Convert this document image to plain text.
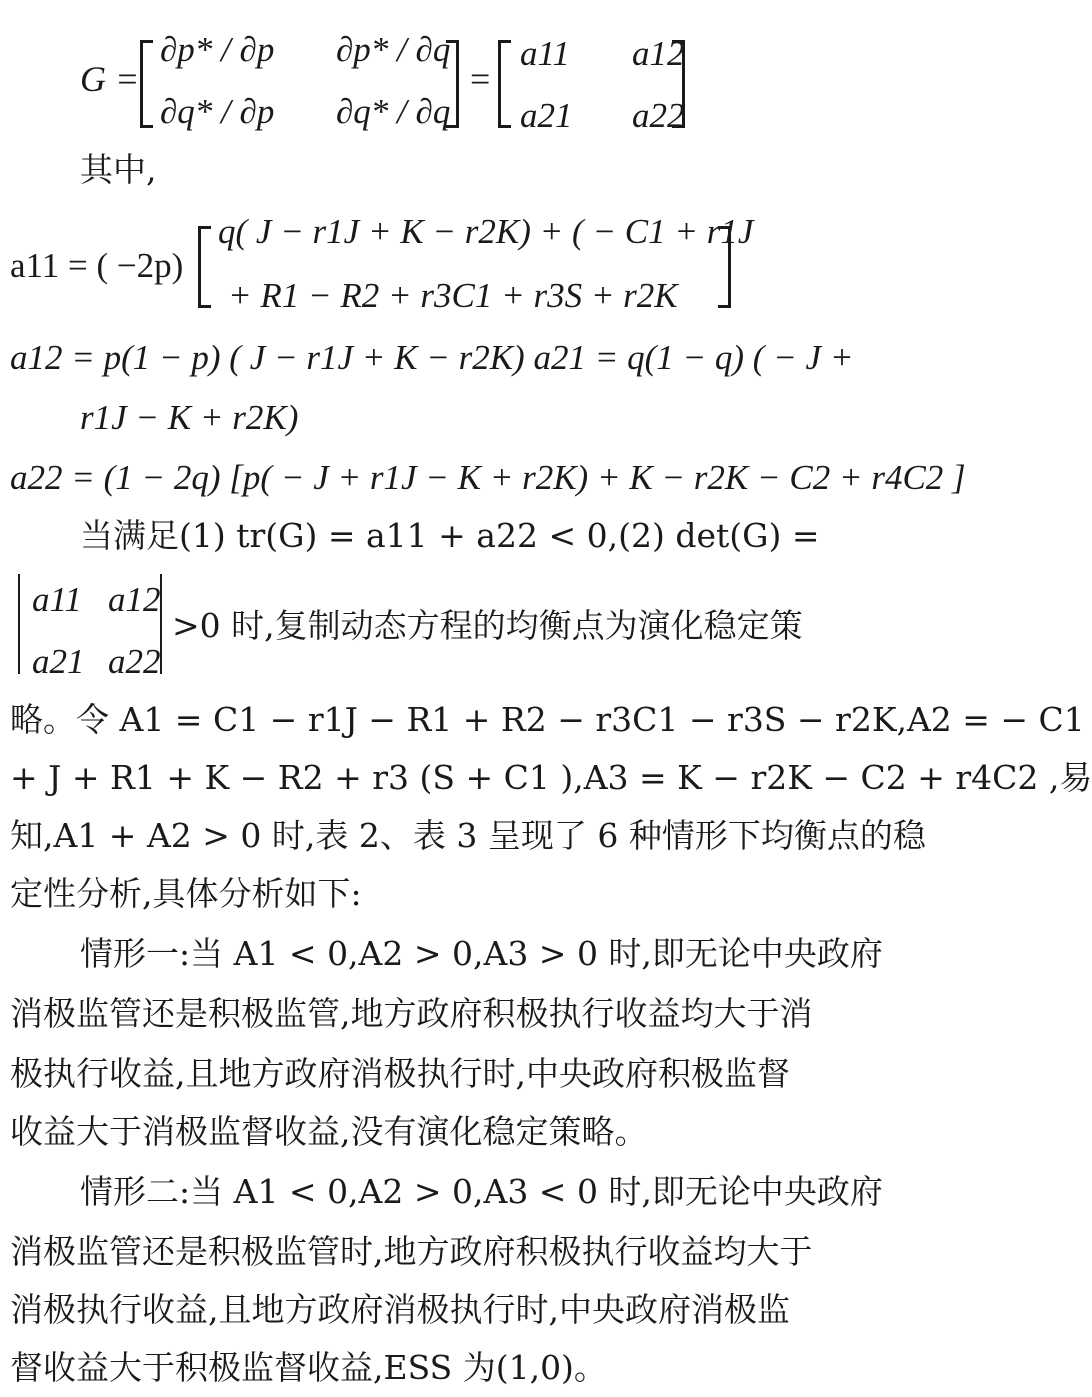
G =
∂p* / ∂p ∂p* / ∂q
∂q* / ∂p ∂q* / ∂q
=
a11 a12
a21 a22
其中,
a11 = ( −2p)
q( J − r1J + K − r2K) + ( − C1 + r1J
+ R1 − R2 + r3C1 + r3S + r2K
a12 = p(1 − p) ( J − r1J + K − r2K) a21 = q(1 − q) ( − J +
r1J − K + r2K)
a22 = (1 − 2q) [p( − J + r1J − K + r2K) + K − r2K − C2 + r4C2 ]
当满足(1) tr(G) = a11 + a22 < 0,(2) det(G) =
a11 a12
a21 a22
>0 时,复制动态方程的均衡点为演化稳定策
略。令 A1 = C1 − r1J − R1 + R2 − r3C1 − r3S − r2K,A2 = − C1
+ J + R1 + K − R2 + r3 (S + C1 ),A3 = K − r2K − C2 + r4C2 ,易
知,A1 + A2 > 0 时,表 2、表 3 呈现了 6 种情形下均衡点的稳
定性分析,具体分析如下:
情形一:当 A1 < 0,A2 > 0,A3 > 0 时,即无论中央政府
消极监管还是积极监管,地方政府积极执行收益均大于消
极执行收益,且地方政府消极执行时,中央政府积极监督
收益大于消极监督收益,没有演化稳定策略。
情形二:当 A1 < 0,A2 > 0,A3 < 0 时,即无论中央政府
消极监管还是积极监管时,地方政府积极执行收益均大于
消极执行收益,且地方政府消极执行时,中央政府消极监
督收益大于积极监督收益,ESS 为(1,0)。
